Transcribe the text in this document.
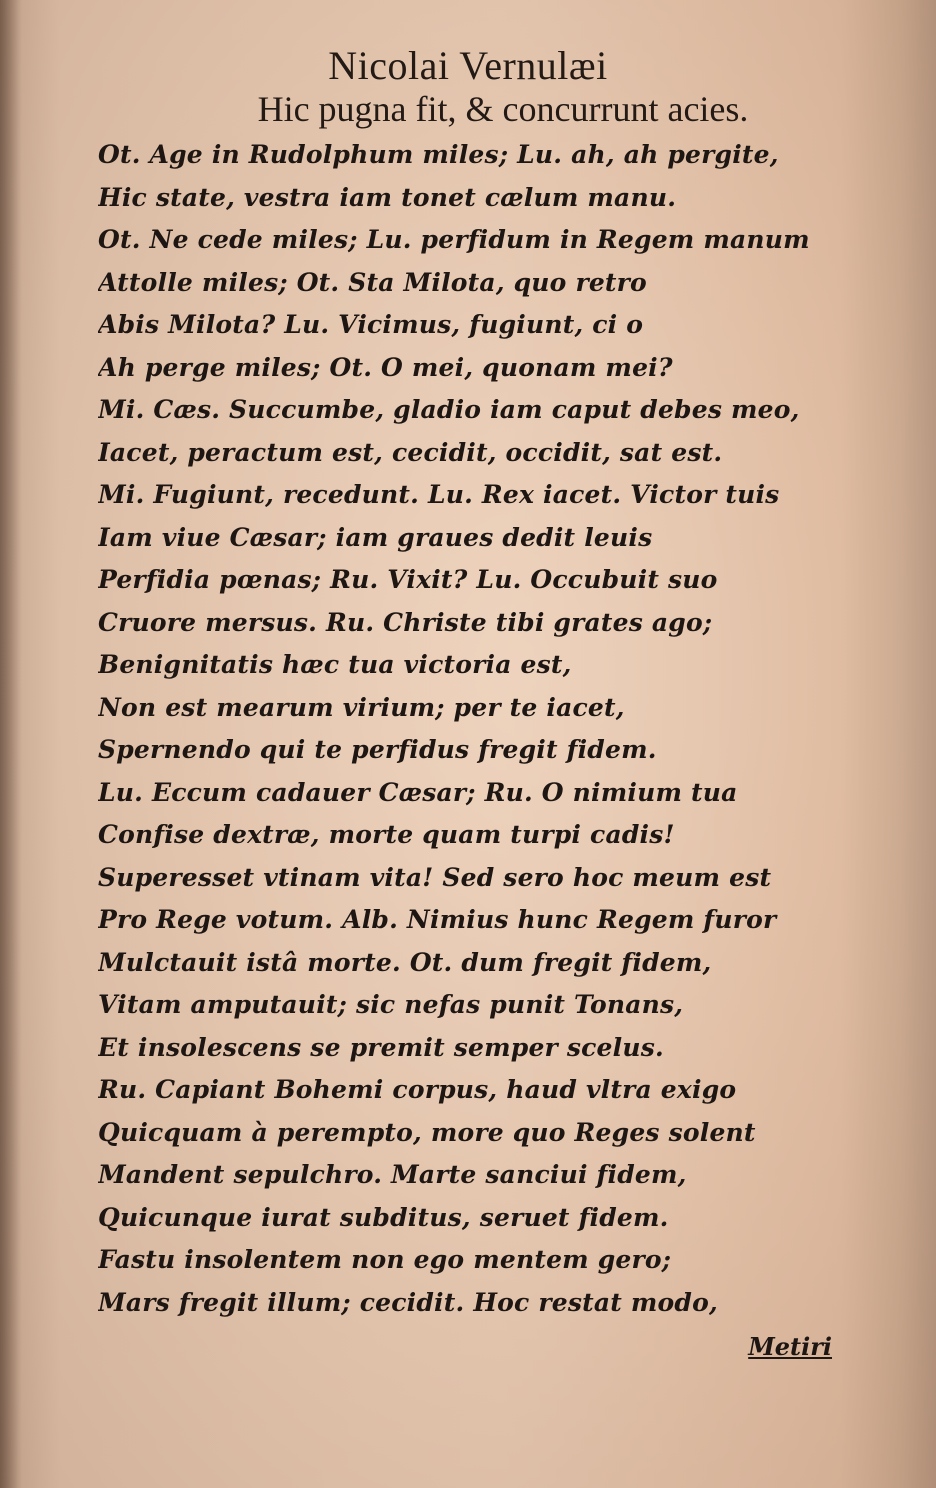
Nicolai Vernulæi
Hic pugna fit, & concurrunt acies.
Ot. Age in Rudolphum miles; Lu. ah, ah pergite,
Hic state, vestra iam tonet cælum manu.
Ot. Ne cede miles; Lu. perfidum in Regem manum
Attolle miles; Ot. Sta Milota, quo retro
Abis Milota? Lu. Vicimus, fugiunt, ci o
Ah perge miles; Ot. O mei, quonam mei?
Mi. Cæs. Succumbe, gladio iam caput debes meo,
Iacet, peractum est, cecidit, occidit, sat est.
Mi. Fugiunt, recedunt. Lu. Rex iacet. Victor tuis
Iam viue Cæsar; iam graues dedit leuis
Perfidia pœnas; Ru. Vixit? Lu. Occubuit suo
Cruore mersus. Ru. Christe tibi grates ago;
Benignitatis hæc tua victoria est,
Non est mearum virium; per te iacet,
Spernendo qui te perfidus fregit fidem.
Lu. Eccum cadauer Cæsar; Ru. O nimium tua
Confise dextræ, morte quam turpi cadis!
Superesset vtinam vita! Sed sero hoc meum est
Pro Rege votum. Alb. Nimius hunc Regem furor
Mulctauit istâ morte. Ot. dum fregit fidem,
Vitam amputauit; sic nefas punit Tonans,
Et insolescens se premit semper scelus.
Ru. Capiant Bohemi corpus, haud vltra exigo
Quicquam à perempto, more quo Reges solent
Mandent sepulchro. Marte sanciui fidem,
Quicunque iurat subditus, seruet fidem.
Fastu insolentem non ego mentem gero;
Mars fregit illum; cecidit. Hoc restat modo,
Metiri
